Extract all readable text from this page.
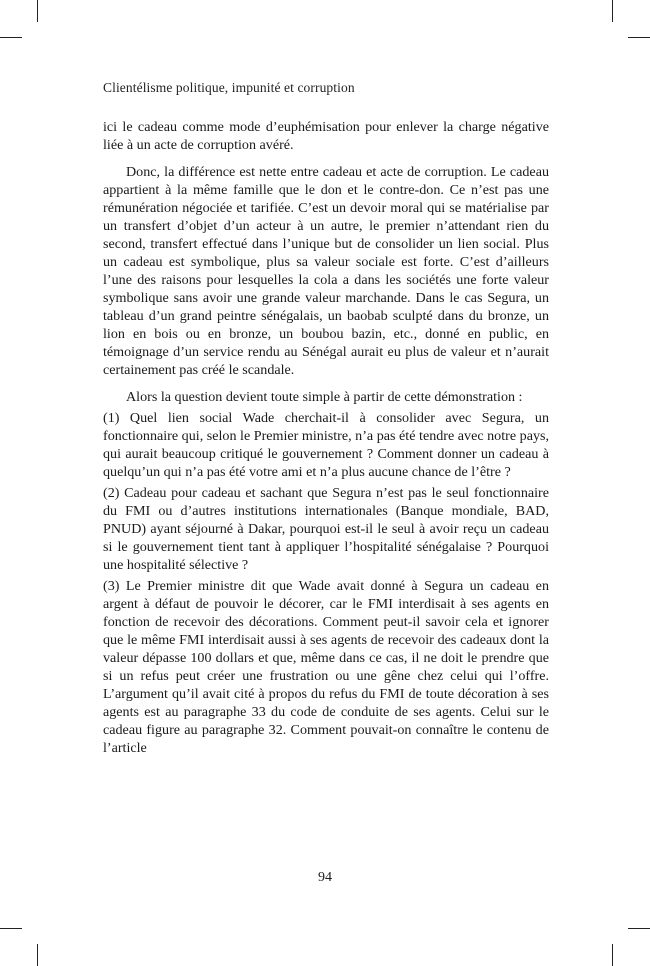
Clientélisme politique, impunité et corruption

ici le cadeau comme mode d’euphémisation pour enlever la charge négative liée à un acte de corruption avéré.

Donc, la différence est nette entre cadeau et acte de corruption. Le cadeau appartient à la même famille que le don et le contre-don. Ce n’est pas une rémunération négociée et tarifiée. C’est un devoir moral qui se matérialise par un transfert d’objet d’un acteur à un autre, le premier n’attendant rien du second, transfert effectué dans l’unique but de consolider un lien social. Plus un cadeau est symbolique, plus sa valeur sociale est forte. C’est d’ailleurs l’une des raisons pour lesquelles la cola a dans les sociétés une forte valeur symbolique sans avoir une grande valeur marchande. Dans le cas Segura, un tableau d’un grand peintre sénégalais, un baobab sculpté dans du bronze, un lion en bois ou en bronze, un boubou bazin, etc., donné en public, en témoignage d’un service rendu au Sénégal aurait eu plus de valeur et n’aurait certainement pas créé le scandale.

Alors la question devient toute simple à partir de cette démonstration :

(1) Quel lien social Wade cherchait-il à consolider avec Segura, un fonctionnaire qui, selon le Premier ministre, n’a pas été tendre avec notre pays, qui aurait beaucoup critiqué le gouvernement ? Comment donner un cadeau à quelqu’un qui n’a pas été votre ami et n’a plus aucune chance de l’être ?

(2) Cadeau pour cadeau et sachant que Segura n’est pas le seul fonctionnaire du FMI ou d’autres institutions internationales (Banque mondiale, BAD, PNUD) ayant séjourné à Dakar, pourquoi est-il le seul à avoir reçu un cadeau si le gouvernement tient tant à appliquer l’hospitalité sénégalaise ? Pourquoi une hospitalité sélective ?

(3) Le Premier ministre dit que Wade avait donné à Segura un cadeau en argent à défaut de pouvoir le décorer, car le FMI interdisait à ses agents en fonction de recevoir des décorations. Comment peut-il savoir cela et ignorer que le même FMI interdisait aussi à ses agents de recevoir des cadeaux dont la valeur dépasse 100 dollars et que, même dans ce cas, il ne doit le prendre que si un refus peut créer une frustration ou une gêne chez celui qui l’offre. L’argument qu’il avait cité à propos du refus du FMI de toute décoration à ses agents est au paragraphe 33 du code de conduite de ses agents. Celui sur le cadeau figure au paragraphe 32. Comment pouvait-on connaître le contenu de l’article

94
